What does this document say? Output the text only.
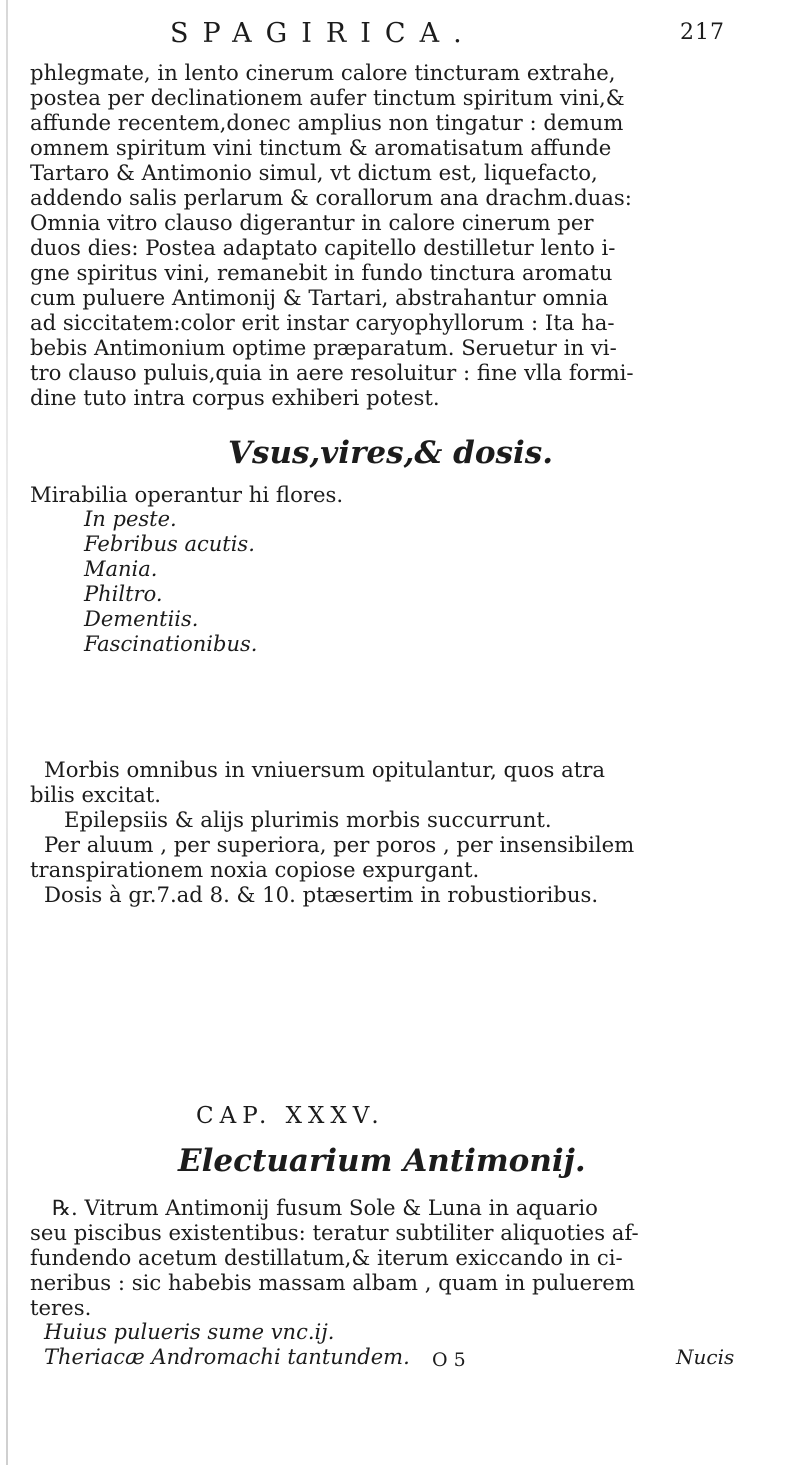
SPAGIRICA.	217
phlegmate, in lento cinerum calore tincturam extrahe,
postea per declinationem aufer tinctum spiritum vini,&
affunde recentem,donec amplius non tingatur : demum
omnem spiritum vini tinctum & aromatisatum affunde
Tartaro & Antimonio simul, vt dictum est, liquefacto,
addendo salis perlarum & corallorum ana drachm.duas:
Omnia vitro clauso digerantur in calore cinerum per
duos dies: Postea adaptato capitello destilletur lento i-
gne spiritus vini, remanebit in fundo tinctura aromatu
cum puluere Antimonij & Tartari, abstrahantur omnia
ad siccitatem:color erit instar caryophyllorum : Ita ha-
bebis Antimonium optime præparatum. Seruetur in vi-
tro clauso puluis,quia in aere resoluitur : fine vlla formi-
dine tuto intra corpus exhiberi potest.
Vsus,vires,& dosis.
Mirabilia operantur hi flores.
In peste.
Febribus acutis.
Mania.
Philtro.
Dementiis.
Fascinationibus.
Morbis omnibus in vniuersum opitulantur, quos atra
bilis excitat.
Epilepsiis & alijs plurimis morbis succurrunt.
Per aluum , per superiora, per poros , per insensibilem
transpirationem noxia copiose expurgant.
Dosis à gr.7.ad 8. & 10. ptæsertim in robustioribus.
CAP. XXXV.
Electuarium Antimonij.
℞. Vitrum Antimonij fusum Sole & Luna in aquario
seu piscibus existentibus: teratur subtiliter aliquoties af-
fundendo acetum destillatum,& iterum exiccando in ci-
neribus : sic habebis massam albam , quam in puluerem
teres.
Huius pulueris sume vnc.ij.
Theriacæ Andromachi tantundem.	O 5	Nucis
